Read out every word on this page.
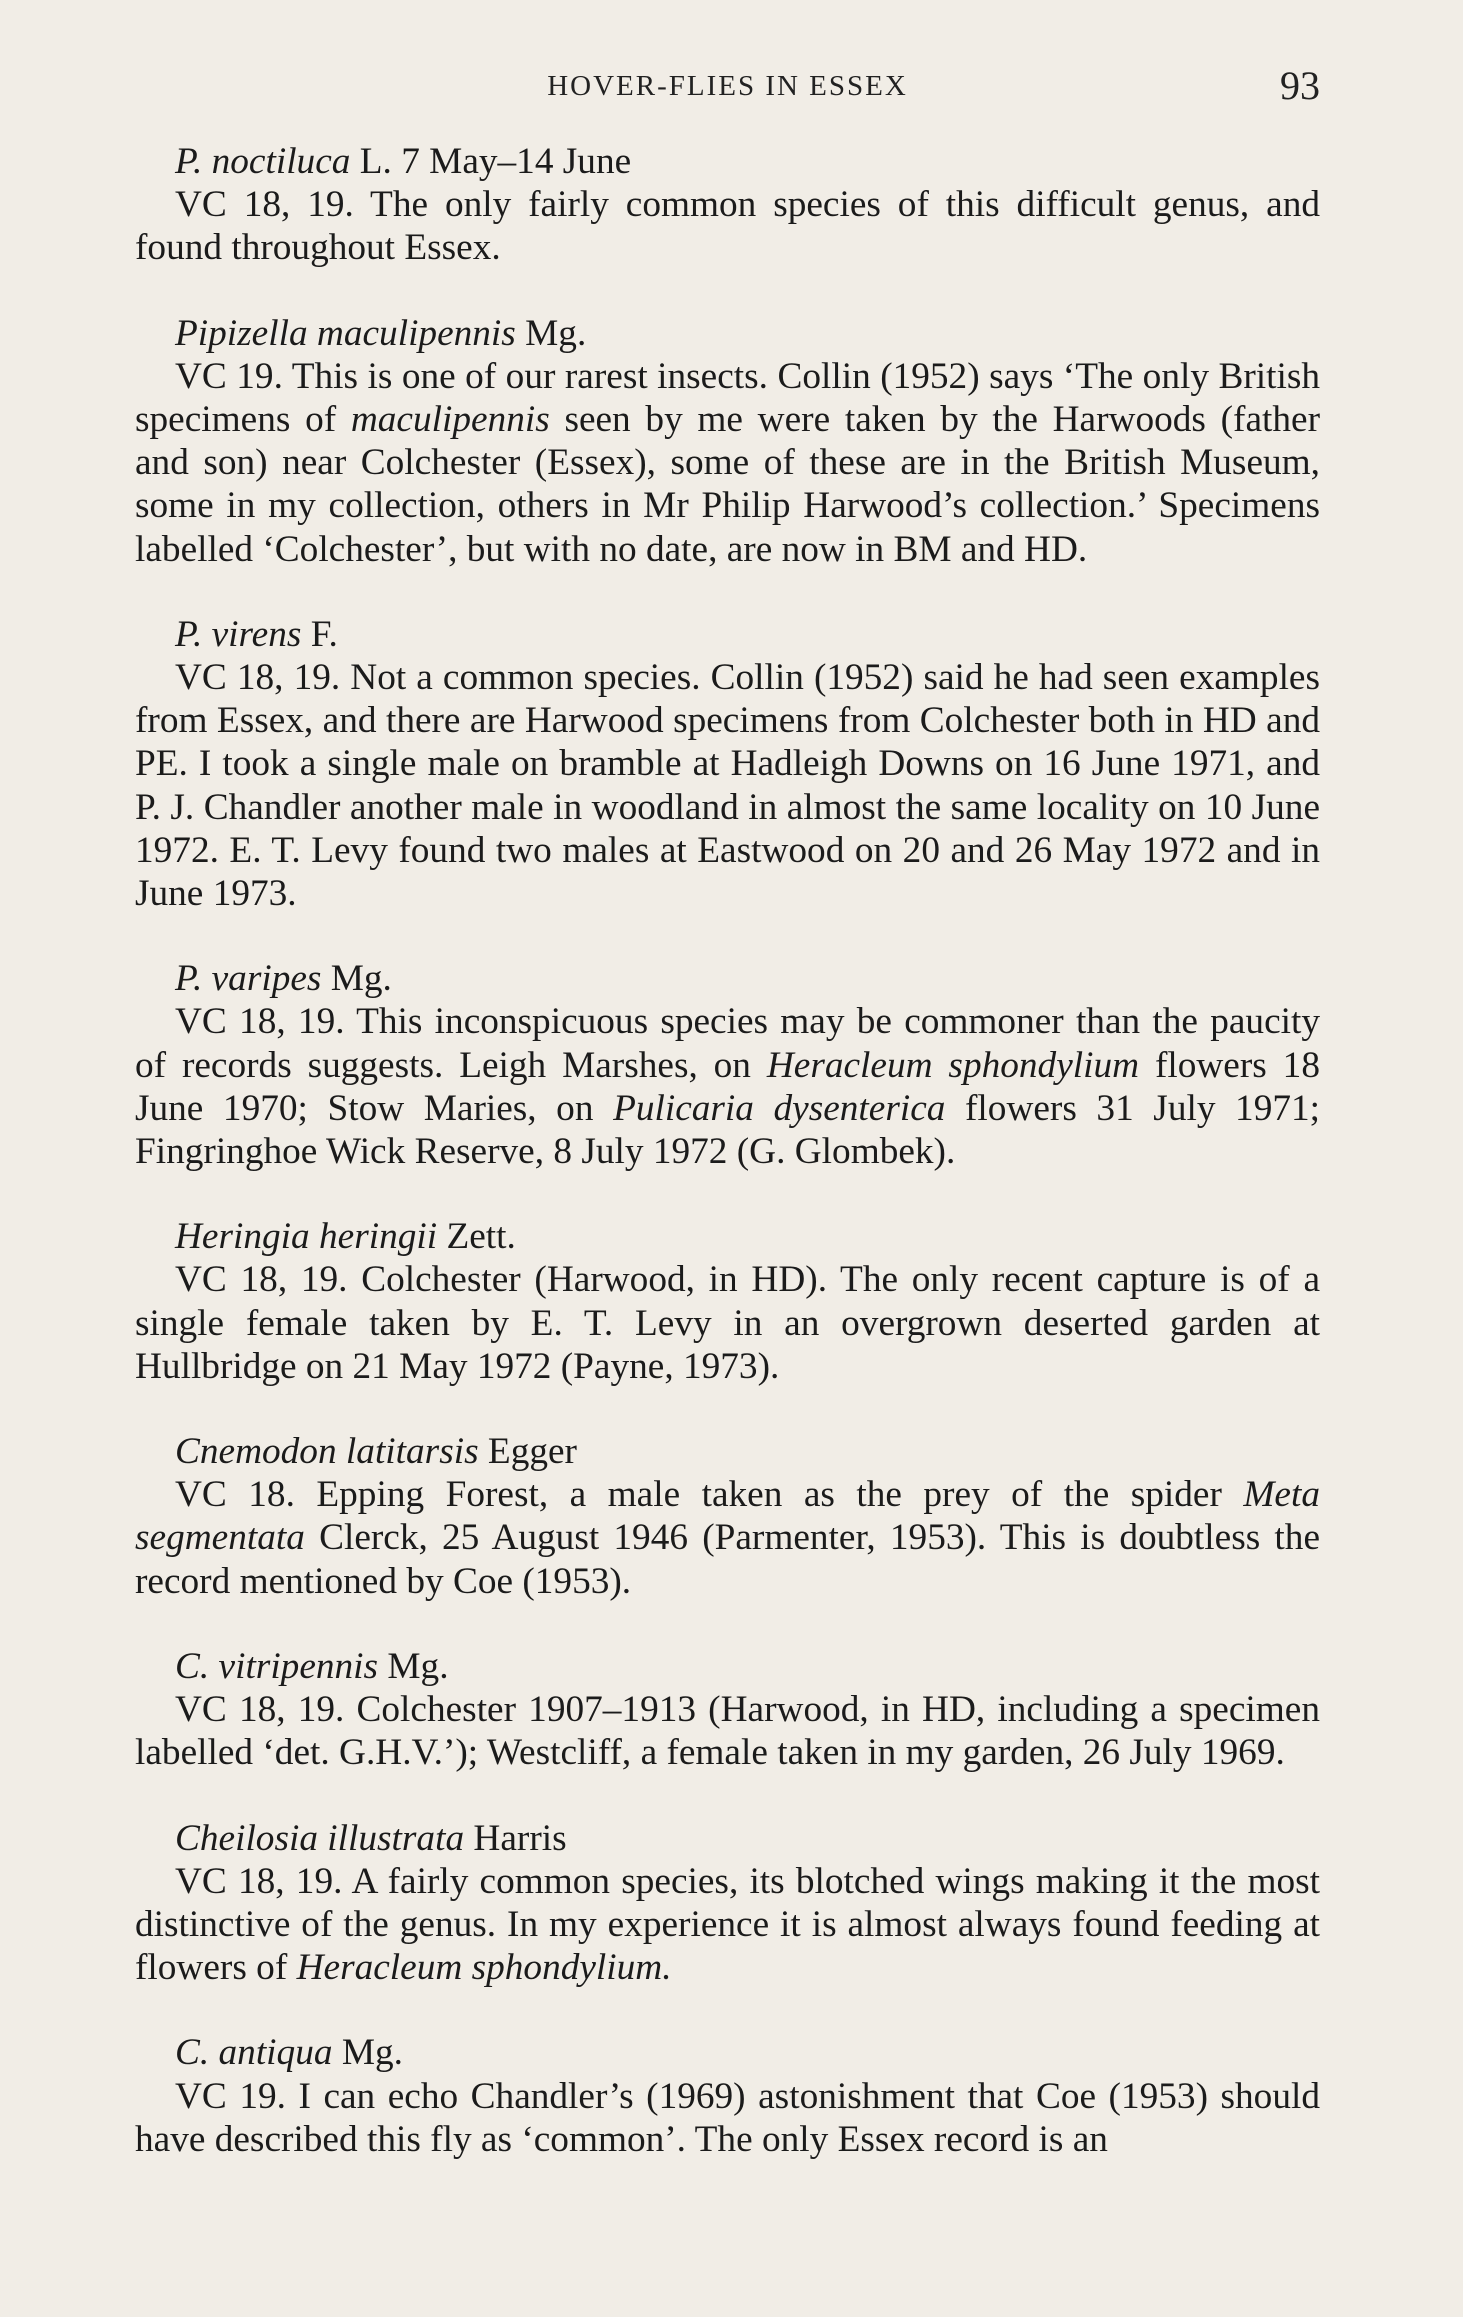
HOVER-FLIES IN ESSEX	93

P. noctiluca L. 7 May–14 June

VC 18, 19. The only fairly common species of this difficult genus, and found throughout Essex.

Pipizella maculipennis Mg.

VC 19. This is one of our rarest insects. Collin (1952) says ‘The only British specimens of maculipennis seen by me were taken by the Harwoods (father and son) near Colchester (Essex), some of these are in the British Museum, some in my collection, others in Mr Philip Harwood’s collection.’ Specimens labelled ‘Colchester’, but with no date, are now in BM and HD.

P. virens F.

VC 18, 19. Not a common species. Collin (1952) said he had seen examples from Essex, and there are Harwood specimens from Colchester both in HD and PE. I took a single male on bramble at Hadleigh Downs on 16 June 1971, and P. J. Chandler another male in woodland in almost the same locality on 10 June 1972. E. T. Levy found two males at Eastwood on 20 and 26 May 1972 and in June 1973.

P. varipes Mg.

VC 18, 19. This inconspicuous species may be commoner than the paucity of records suggests. Leigh Marshes, on Heracleum sphondylium flowers 18 June 1970; Stow Maries, on Pulicaria dysenterica flowers 31 July 1971; Fingringhoe Wick Reserve, 8 July 1972 (G. Glombek).

Heringia heringii Zett.

VC 18, 19. Colchester (Harwood, in HD). The only recent capture is of a single female taken by E. T. Levy in an overgrown deserted garden at Hullbridge on 21 May 1972 (Payne, 1973).

Cnemodon latitarsis Egger

VC 18. Epping Forest, a male taken as the prey of the spider Meta segmentata Clerck, 25 August 1946 (Parmenter, 1953). This is doubtless the record mentioned by Coe (1953).

C. vitripennis Mg.

VC 18, 19. Colchester 1907–1913 (Harwood, in HD, including a specimen labelled ‘det. G.H.V.’); Westcliff, a female taken in my garden, 26 July 1969.

Cheilosia illustrata Harris

VC 18, 19. A fairly common species, its blotched wings making it the most distinctive of the genus. In my experience it is almost always found feeding at flowers of Heracleum sphondylium.

C. antiqua Mg.

VC 19. I can echo Chandler’s (1969) astonishment that Coe (1953) should have described this fly as ‘common’. The only Essex record is an
